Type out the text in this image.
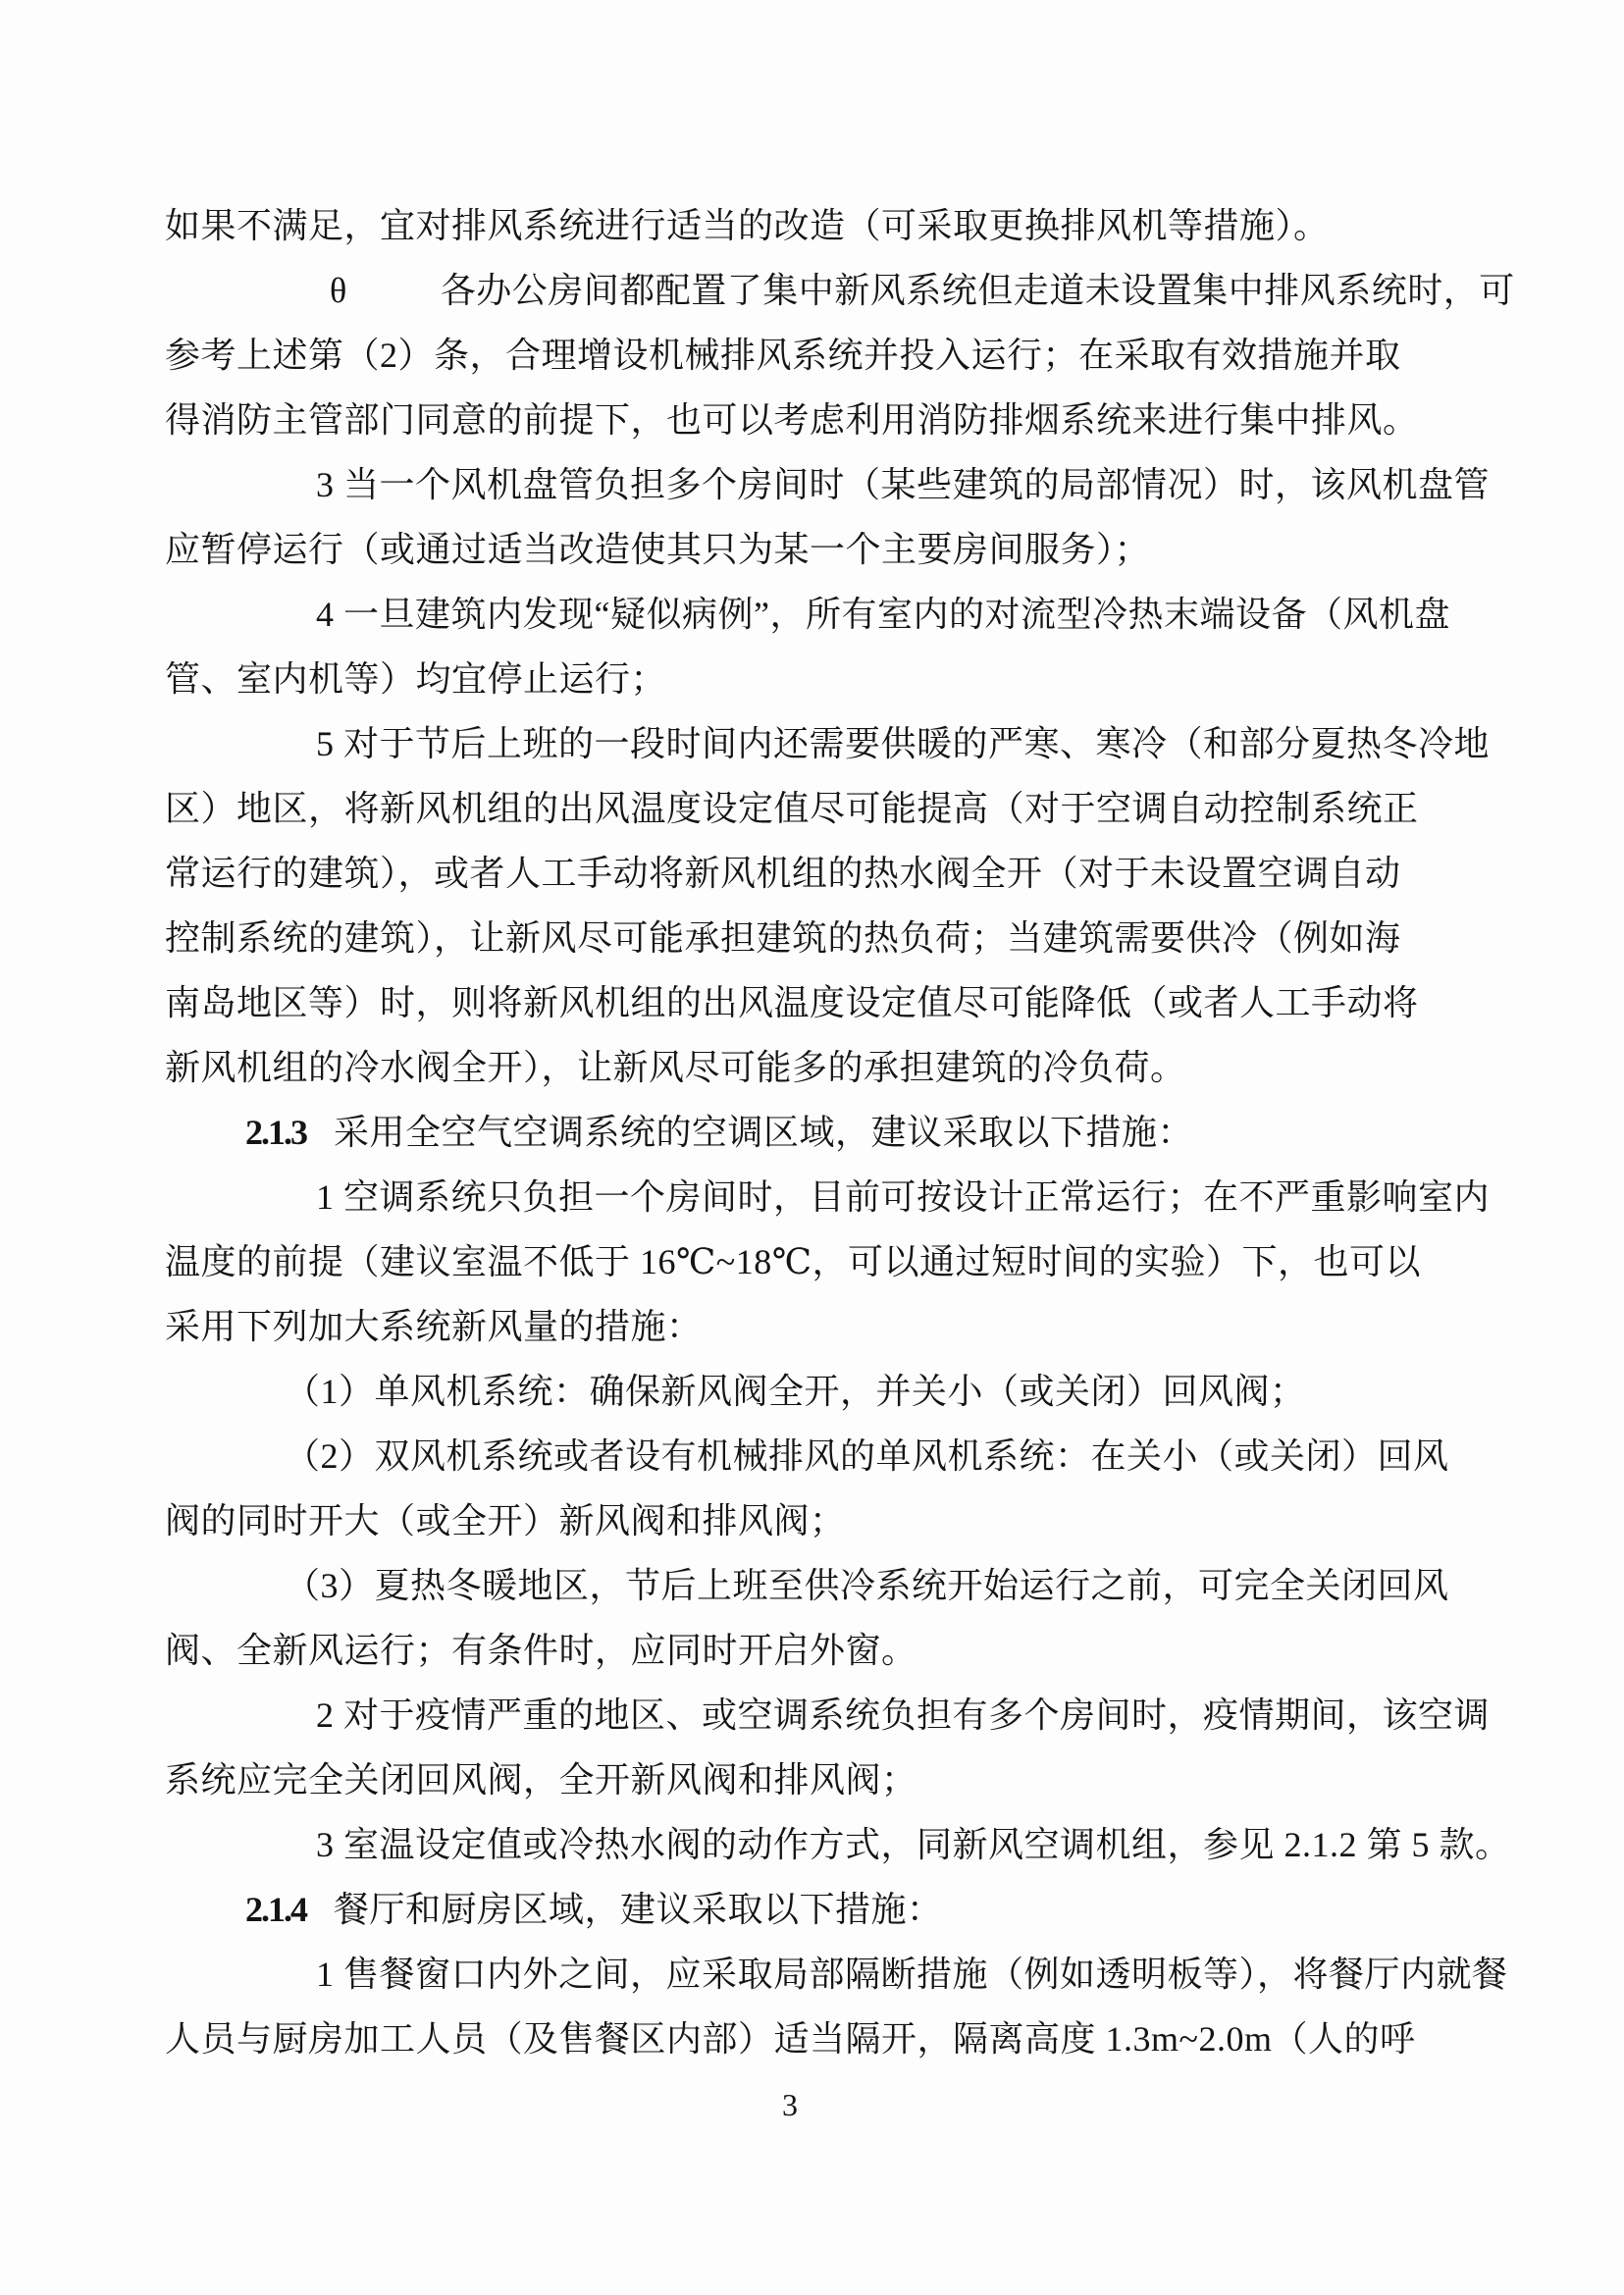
如果不满足，宜对排风系统进行适当的改造（可采取更换排风机等措施）。
θ	各办公房间都配置了集中新风系统但走道未设置集中排风系统时，可
参考上述第（2）条，合理增设机械排风系统并投入运行；在采取有效措施并取
得消防主管部门同意的前提下，也可以考虑利用消防排烟系统来进行集中排风。
3 当一个风机盘管负担多个房间时（某些建筑的局部情况）时，该风机盘管
应暂停运行（或通过适当改造使其只为某一个主要房间服务）；
4 一旦建筑内发现“疑似病例”，所有室内的对流型冷热末端设备（风机盘
管、室内机等）均宜停止运行；
5 对于节后上班的一段时间内还需要供暖的严寒、寒冷（和部分夏热冬冷地
区）地区，将新风机组的出风温度设定值尽可能提高（对于空调自动控制系统正
常运行的建筑），或者人工手动将新风机组的热水阀全开（对于未设置空调自动
控制系统的建筑），让新风尽可能承担建筑的热负荷；当建筑需要供冷（例如海
南岛地区等）时，则将新风机组的出风温度设定值尽可能降低（或者人工手动将
新风机组的冷水阀全开），让新风尽可能多的承担建筑的冷负荷。
2.1.3 采用全空气空调系统的空调区域，建议采取以下措施：
1 空调系统只负担一个房间时，目前可按设计正常运行；在不严重影响室内
温度的前提（建议室温不低于 16℃~18℃，可以通过短时间的实验）下，也可以
采用下列加大系统新风量的措施：
（1）单风机系统：确保新风阀全开，并关小（或关闭）回风阀；
（2）双风机系统或者设有机械排风的单风机系统：在关小（或关闭）回风
阀的同时开大（或全开）新风阀和排风阀；
（3）夏热冬暖地区，节后上班至供冷系统开始运行之前，可完全关闭回风
阀、全新风运行；有条件时，应同时开启外窗。
2 对于疫情严重的地区、或空调系统负担有多个房间时，疫情期间，该空调
系统应完全关闭回风阀，全开新风阀和排风阀；
3 室温设定值或冷热水阀的动作方式，同新风空调机组，参见 2.1.2 第 5 款。
2.1.4 餐厅和厨房区域，建议采取以下措施：
1 售餐窗口内外之间，应采取局部隔断措施（例如透明板等），将餐厅内就餐
人员与厨房加工人员（及售餐区内部）适当隔开，隔离高度 1.3m~2.0m（人的呼
3
